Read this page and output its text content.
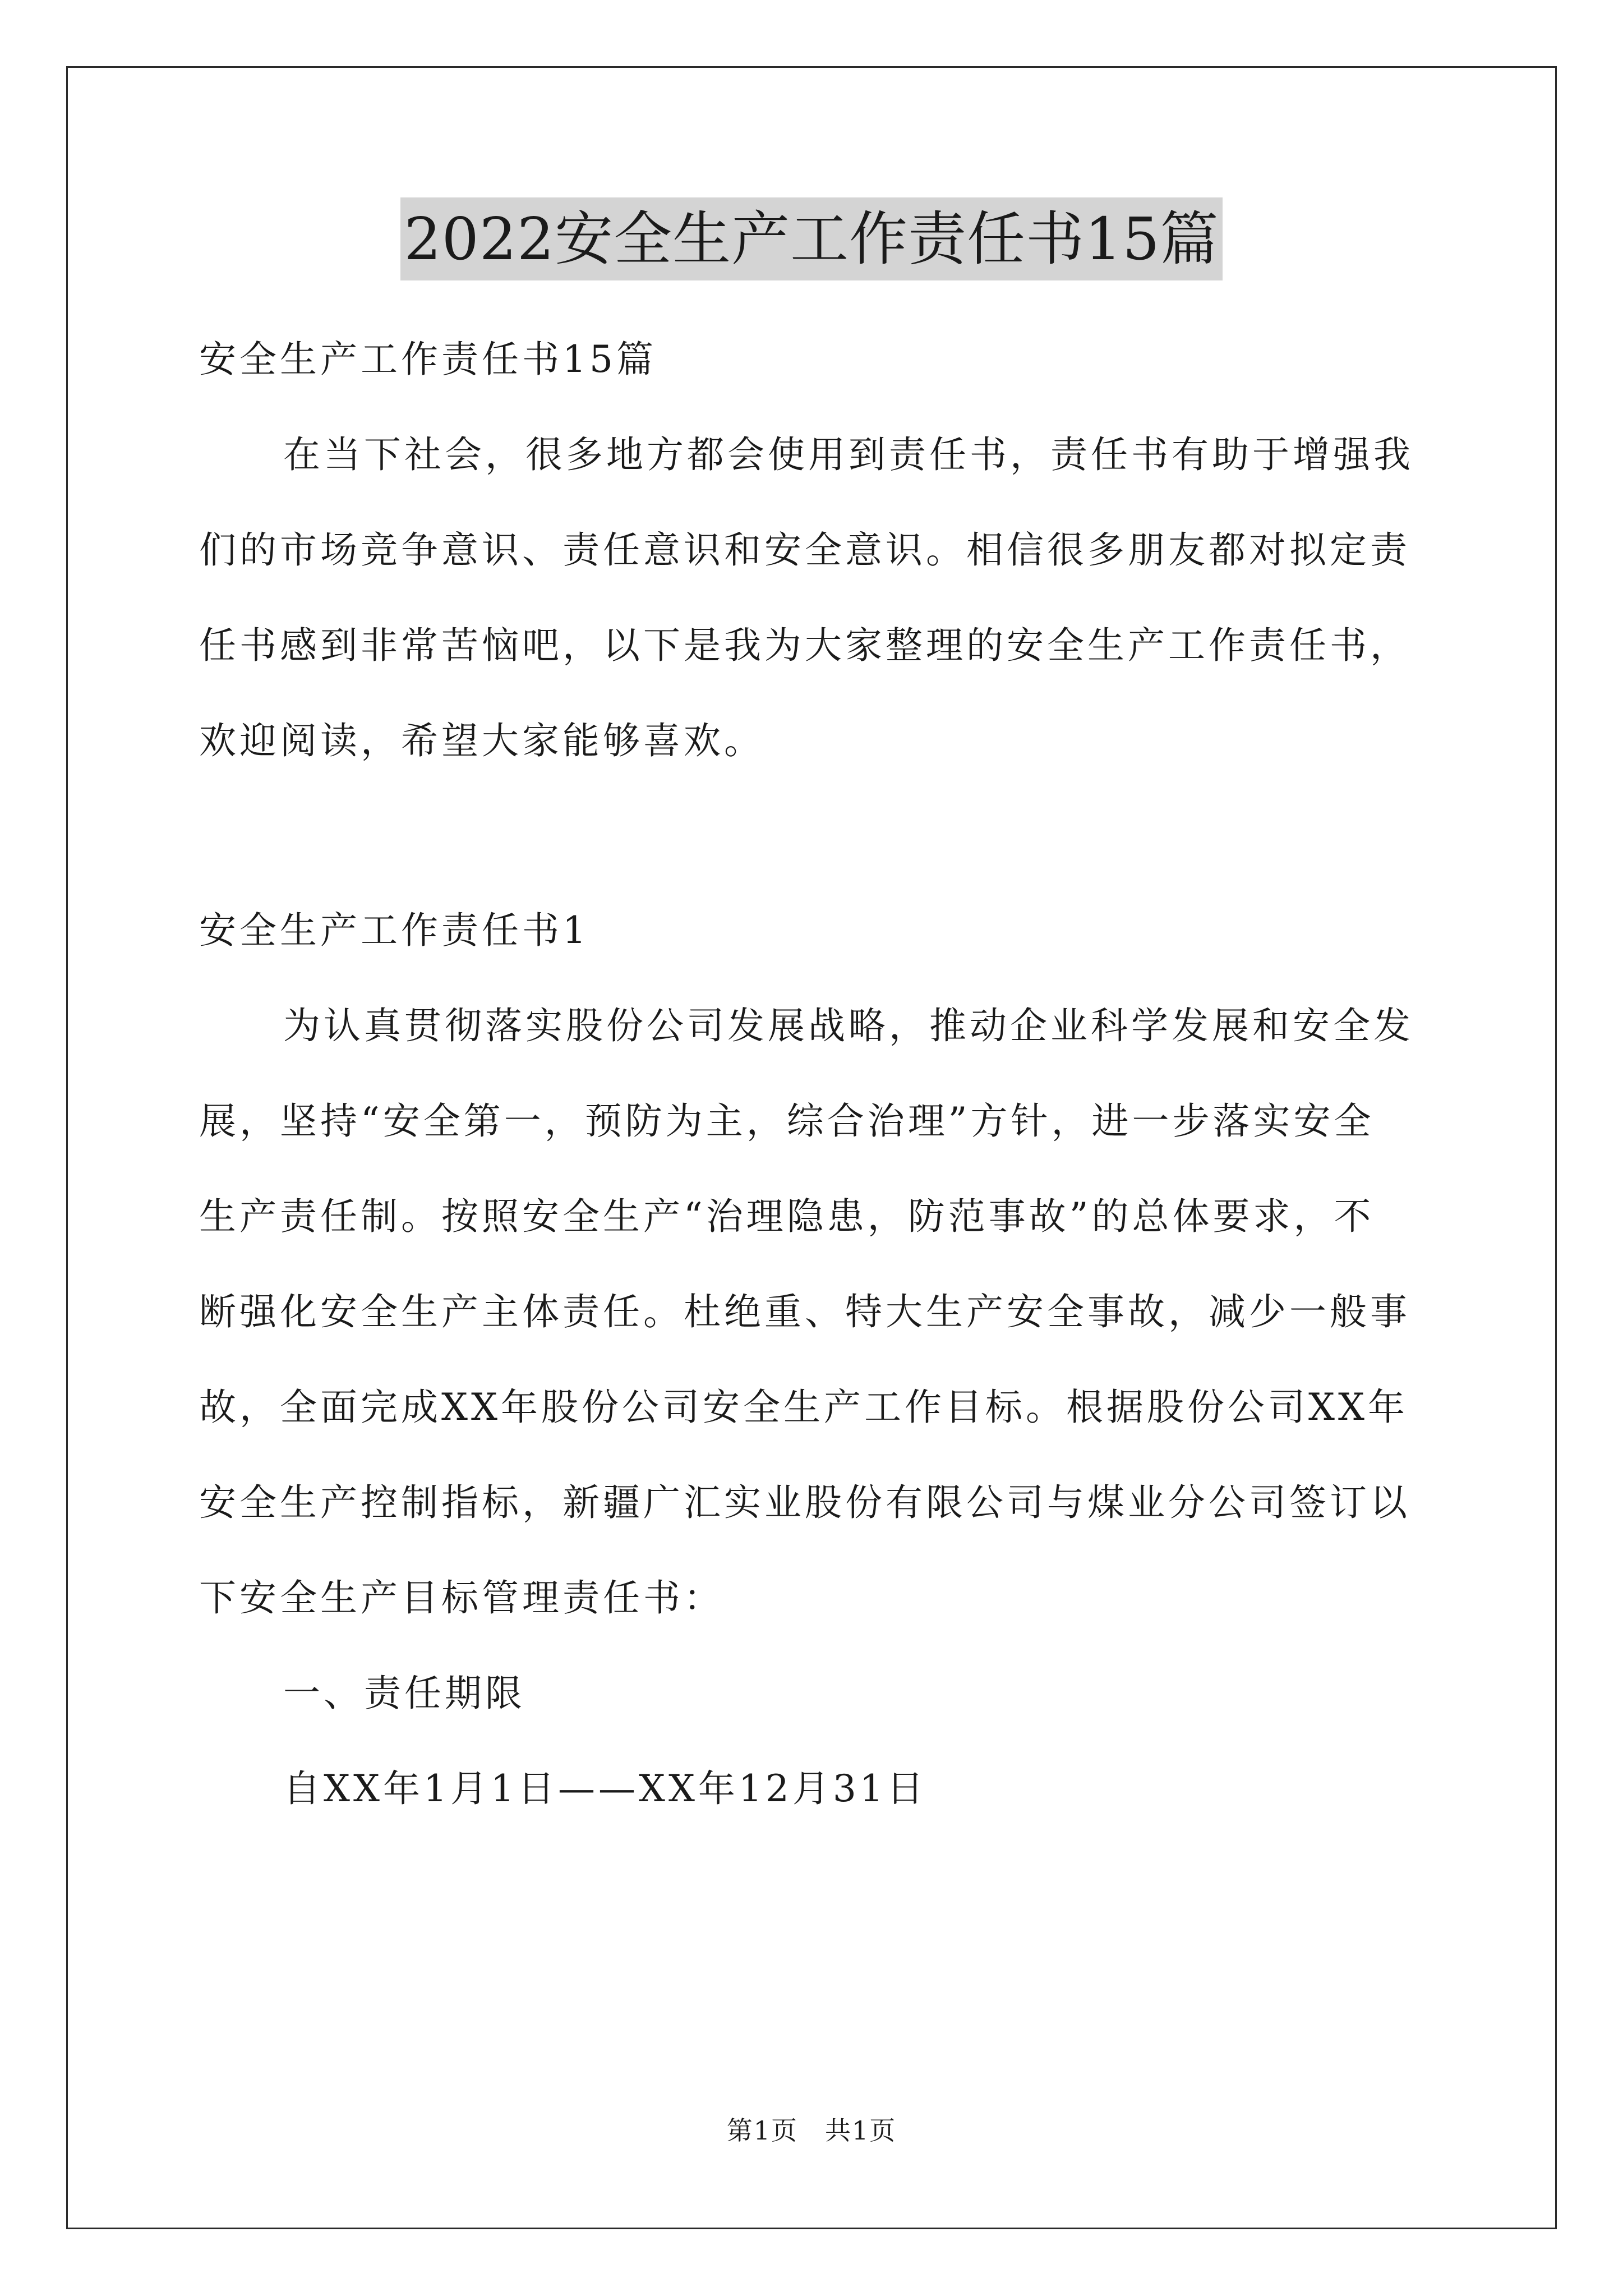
2022安全生产工作责任书15篇

安全生产工作责任书15篇

在当下社会，很多地方都会使用到责任书，责任书有助于增强我
们的市场竞争意识、责任意识和安全意识。相信很多朋友都对拟定责
任书感到非常苦恼吧，以下是我为大家整理的安全生产工作责任书，
欢迎阅读，希望大家能够喜欢。

安全生产工作责任书1

为认真贯彻落实股份公司发展战略，推动企业科学发展和安全发
展，坚持“安全第一，预防为主，综合治理”方针，进一步落实安全
生产责任制。按照安全生产“治理隐患，防范事故”的总体要求，不
断强化安全生产主体责任。杜绝重、特大生产安全事故，减少一般事
故，全面完成XX年股份公司安全生产工作目标。根据股份公司XX年
安全生产控制指标，新疆广汇实业股份有限公司与煤业分公司签订以
下安全生产目标管理责任书：

一、责任期限

自XX年1月1日——XX年12月31日

第1页　共1页
